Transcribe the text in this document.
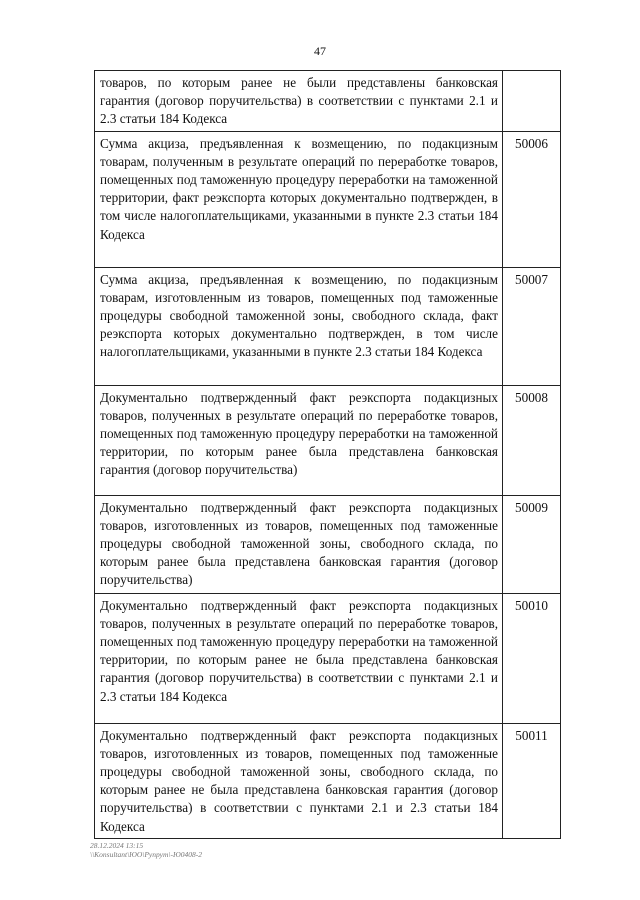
47
товаров, по которым ранее не были представлены банковская гарантия (договор поручительства) в соответствии с пунктами 2.1 и 2.3 статьи 184 Кодекса	
Сумма акциза, предъявленная к возмещению, по подакцизным товарам, полученным в результате операций по переработке товаров, помещенных под таможенную процедуру переработки на таможенной территории, факт реэкспорта которых документально подтвержден, в том числе налогоплательщиками, указанными в пункте 2.3 статьи 184 Кодекса	50006
Сумма акциза, предъявленная к возмещению, по подакцизным товарам, изготовленным из товаров, помещенных под таможенные процедуры свободной таможенной зоны, свободного склада, факт реэкспорта которых документально подтвержден, в том числе налогоплательщиками, указанными в пункте 2.3 статьи 184 Кодекса	50007
Документально подтвержденный факт реэкспорта подакцизных товаров, полученных в результате операций по переработке товаров, помещенных под таможенную процедуру переработки на таможенной территории, по которым ранее была представлена банковская гарантия (договор поручительства)	50008
Документально подтвержденный факт реэкспорта подакцизных товаров, изготовленных из товаров, помещенных под таможенные процедуры свободной таможенной зоны, свободного склада, по которым ранее была представлена банковская гарантия (договор поручительства)	50009
Документально подтвержденный факт реэкспорта подакцизных товаров, полученных в результате операций по переработке товаров, помещенных под таможенную процедуру переработки на таможенной территории, по которым ранее не была представлена банковская гарантия (договор поручительства) в соответствии с пунктами 2.1 и 2.3 статьи 184 Кодекса	50010
Документально подтвержденный факт реэкспорта подакцизных товаров, изготовленных из товаров, помещенных под таможенные процедуры свободной таможенной зоны, свободного склада, по которым ранее не была представлена банковская гарантия (договор поручительства) в соответствии с пунктами 2.1 и 2.3 статьи 184 Кодекса	50011
28.12.2024 13:15
\\Konsultant\ЮО\Рупрут\-Ю0408-2
